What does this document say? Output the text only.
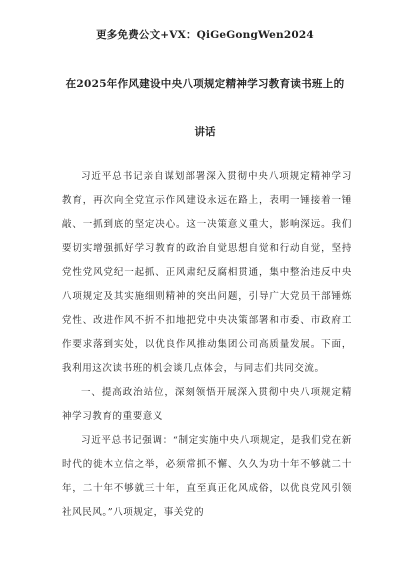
更多免费公文+VX：QiGeGongWen2024
在2025年作风建设中央八项规定精神学习教育读书班上的
讲话

习近平总书记亲自谋划部署深入贯彻中央八项规定精神学习教育，再次向全党宣示作风建设永远在路上，表明一锤接着一锤敲、一抓到底的坚定决心。这一决策意义重大，影响深远。我们要切实增强抓好学习教育的政治自觉思想自觉和行动自觉，坚持党性党风党纪一起抓、正风肃纪反腐相贯通，集中整治违反中央八项规定及其实施细则精神的突出问题，引导广大党员干部锤炼党性、改进作风不折不扣地把党中央决策部署和市委、市政府工作要求落到实处，以优良作风推动集团公司高质量发展。下面，我利用这次读书班的机会谈几点体会，与同志们共同交流。

一、提高政治站位，深刻领悟开展深入贯彻中央八项规定精神学习教育的重要意义

习近平总书记强调：“制定实施中央八项规定，是我们党在新时代的徙木立信之举，必须常抓不懈、久久为功十年不够就二十年，二十年不够就三十年，直至真正化风成俗，以优良党风引领社风民风。”八项规定，事关党的
